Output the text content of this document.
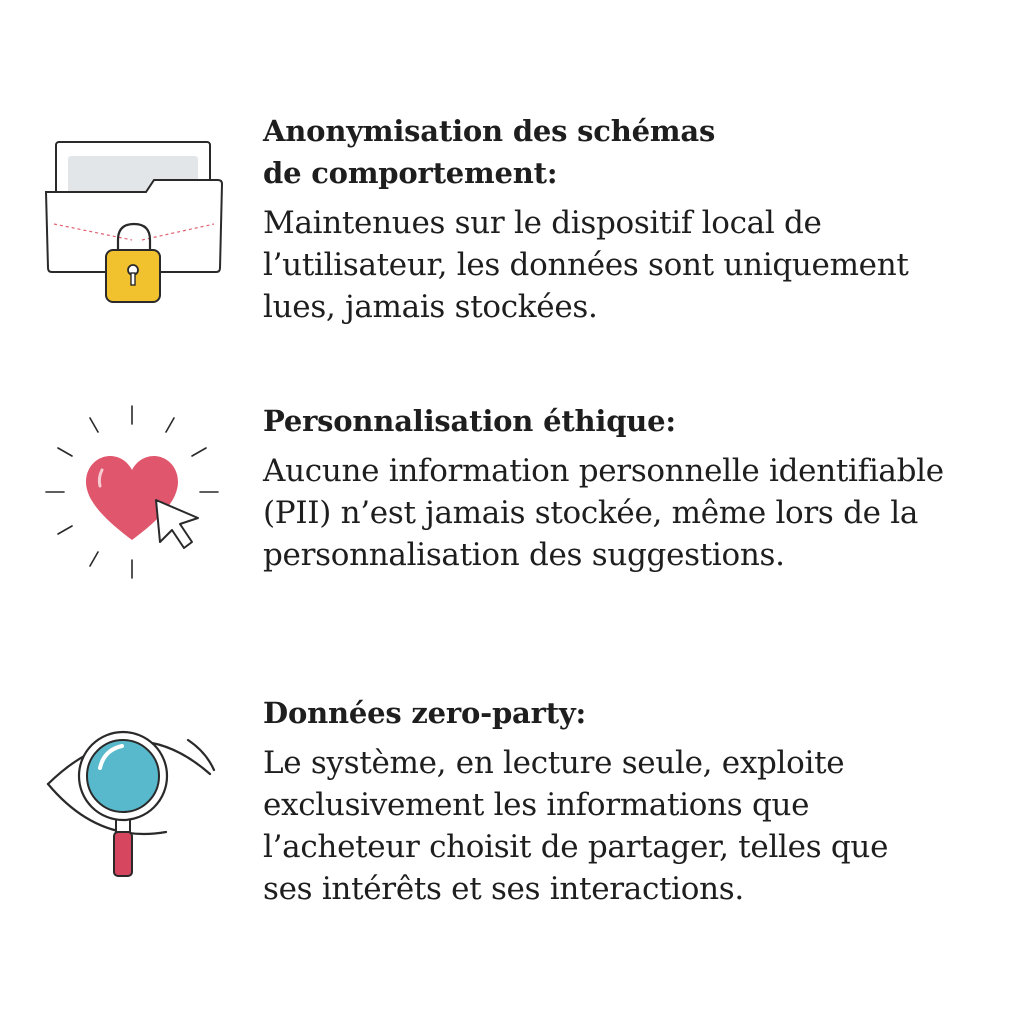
Anonymisation des schémas
de comportement:

Maintenues sur le dispositif local de
l’utilisateur, les données sont uniquement
lues, jamais stockées.

Personnalisation éthique:

Aucune information personnelle identifiable
(PII) n’est jamais stockée, même lors de la
personnalisation des suggestions.

Données zero-party:

Le système, en lecture seule, exploite
exclusivement les informations que
l’acheteur choisit de partager, telles que
ses intérêts et ses interactions.
